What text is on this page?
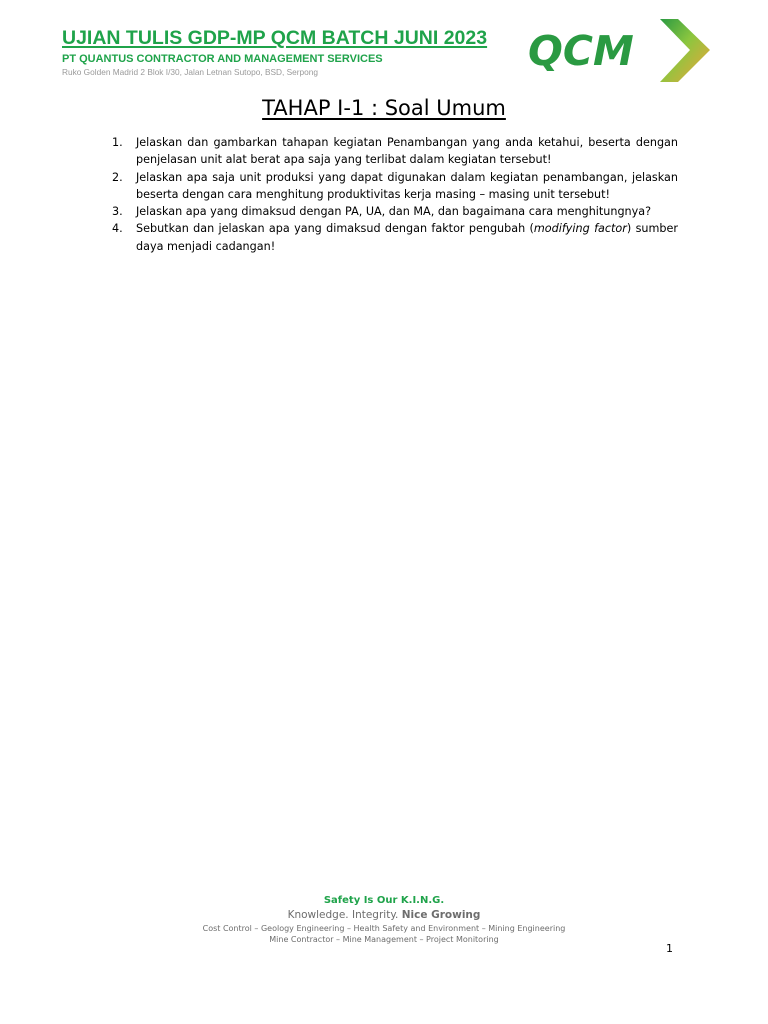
UJIAN TULIS GDP-MP QCM BATCH JUNI 2023
PT QUANTUS CONTRACTOR AND MANAGEMENT SERVICES
Ruko Golden Madrid 2 Blok I/30, Jalan Letnan Sutopo, BSD, Serpong	QCM
TAHAP I-1 : Soal Umum
1. Jelaskan dan gambarkan tahapan kegiatan Penambangan yang anda ketahui, beserta dengan penjelasan unit alat berat apa saja yang terlibat dalam kegiatan tersebut!
2. Jelaskan apa saja unit produksi yang dapat digunakan dalam kegiatan penambangan, jelaskan beserta dengan cara menghitung produktivitas kerja masing – masing unit tersebut!
3. Jelaskan apa yang dimaksud dengan PA, UA, dan MA, dan bagaimana cara menghitungnya?
4. Sebutkan dan jelaskan apa yang dimaksud dengan faktor pengubah (modifying factor) sumber daya menjadi cadangan!
Safety Is Our K.I.N.G.
Knowledge. Integrity. Nice Growing
Cost Control – Geology Engineering – Health Safety and Environment – Mining Engineering
Mine Contractor – Mine Management – Project Monitoring
1
